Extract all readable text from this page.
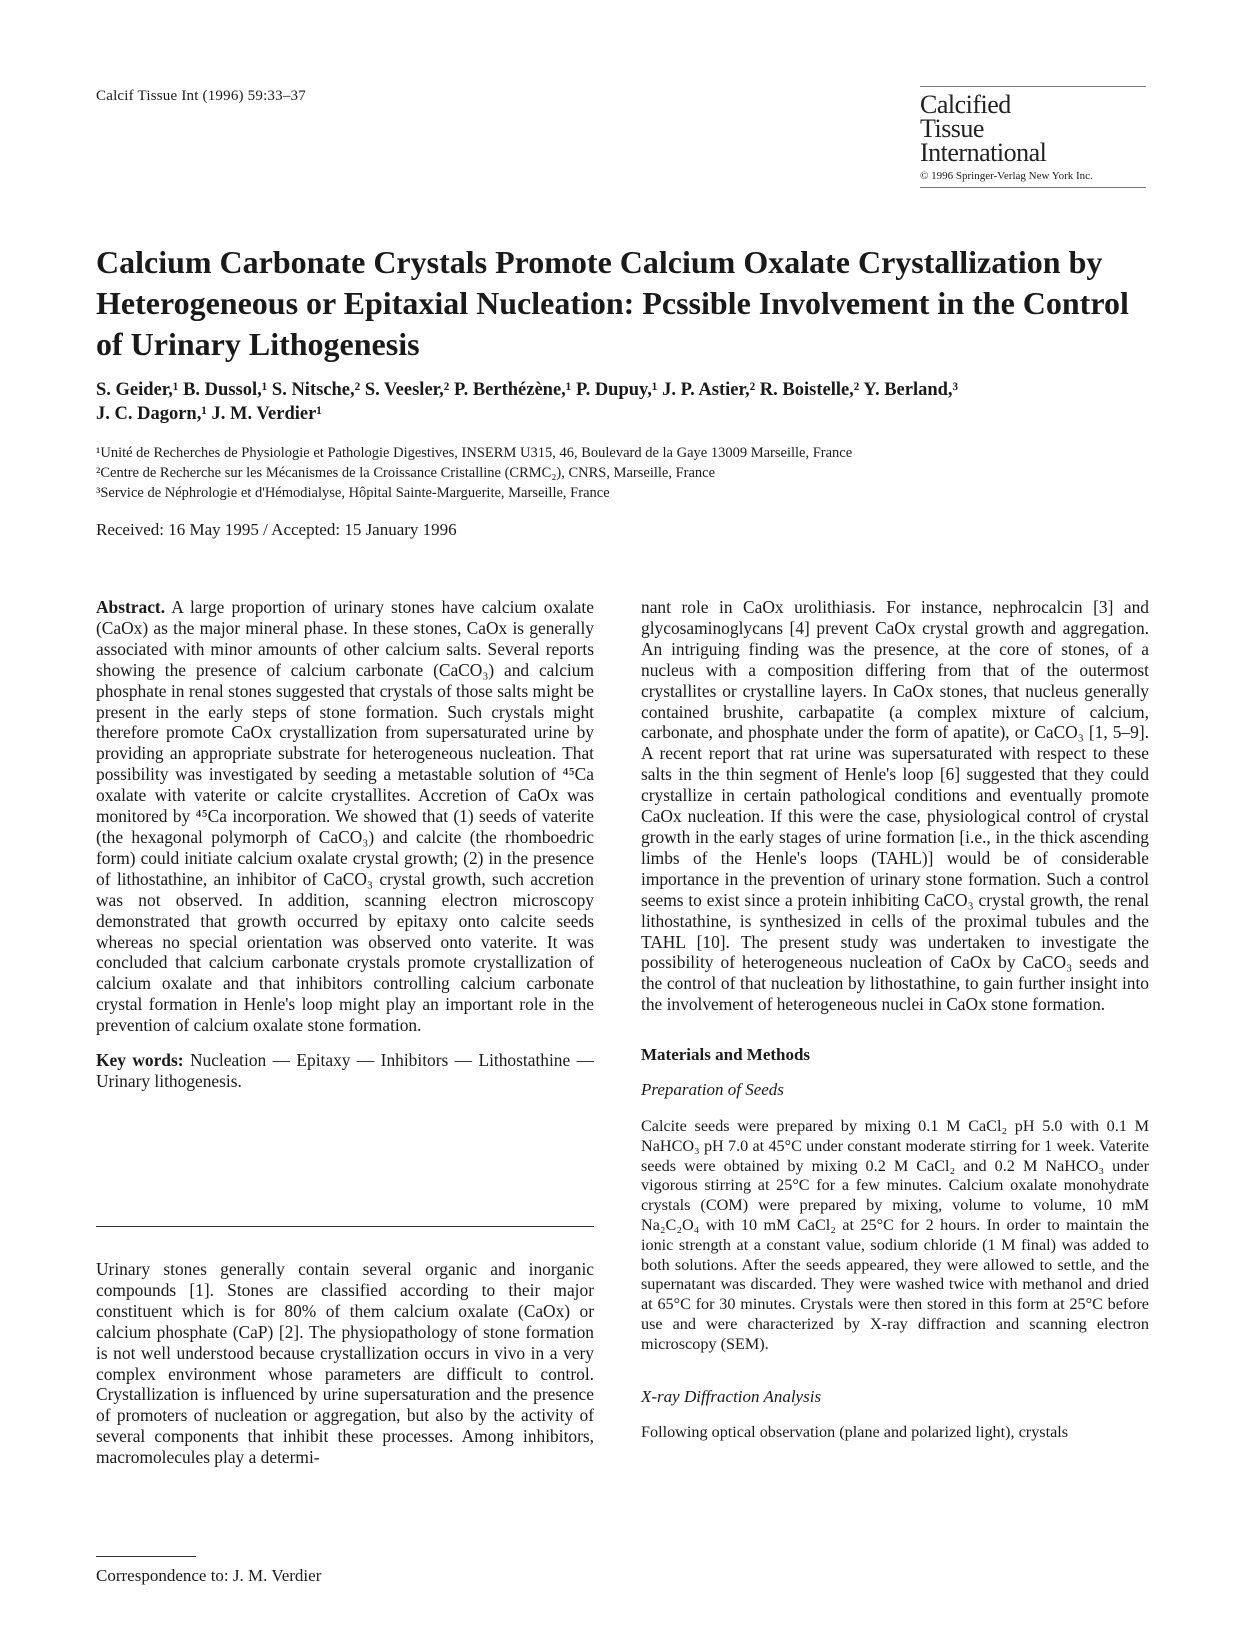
Calcif Tissue Int (1996) 59:33–37	Calcified
Tissue
International
© 1996 Springer-Verlag New York Inc.
Calcium Carbonate Crystals Promote Calcium Oxalate Crystallization by Heterogeneous or Epitaxial Nucleation: Pcssible Involvement in the Control of Urinary Lithogenesis
S. Geider,¹ B. Dussol,¹ S. Nitsche,² S. Veesler,² P. Berthézène,¹ P. Dupuy,¹ J. P. Astier,² R. Boistelle,² Y. Berland,³
J. C. Dagorn,¹ J. M. Verdier¹
¹Unité de Recherches de Physiologie et Pathologie Digestives, INSERM U315, 46, Boulevard de la Gaye 13009 Marseille, France
²Centre de Recherche sur les Mécanismes de la Croissance Cristalline (CRMC₂), CNRS, Marseille, France
³Service de Néphrologie et d'Hémodialyse, Hôpital Sainte-Marguerite, Marseille, France
Received: 16 May 1995 / Accepted: 15 January 1996

Abstract. A large proportion of urinary stones have calcium oxalate (CaOx) as the major mineral phase. In these stones, CaOx is generally associated with minor amounts of other calcium salts. Several reports showing the presence of calcium carbonate (CaCO₃) and calcium phosphate in renal stones suggested that crystals of those salts might be present in the early steps of stone formation. Such crystals might therefore promote CaOx crystallization from supersaturated urine by providing an appropriate substrate for heterogeneous nucleation. That possibility was investigated by seeding a metastable solution of ⁴⁵Ca oxalate with vaterite or calcite crystallites. Accretion of CaOx was monitored by ⁴⁵Ca incorporation. We showed that (1) seeds of vaterite (the hexagonal polymorph of CaCO₃) and calcite (the rhomboedric form) could initiate calcium oxalate crystal growth; (2) in the presence of lithostathine, an inhibitor of CaCO₃ crystal growth, such accretion was not observed. In addition, scanning electron microscopy demonstrated that growth occurred by epitaxy onto calcite seeds whereas no special orientation was observed onto vaterite. It was concluded that calcium carbonate crystals promote crystallization of calcium oxalate and that inhibitors controlling calcium carbonate crystal formation in Henle's loop might play an important role in the prevention of calcium oxalate stone formation.

Key words: Nucleation — Epitaxy — Inhibitors — Lithostathine — Urinary lithogenesis.

Urinary stones generally contain several organic and inorganic compounds [1]. Stones are classified according to their major constituent which is for 80% of them calcium oxalate (CaOx) or calcium phosphate (CaP) [2]. The physiopathology of stone formation is not well understood because crystallization occurs in vivo in a very complex environment whose parameters are difficult to control. Crystallization is influenced by urine supersaturation and the presence of promoters of nucleation or aggregation, but also by the activity of several components that inhibit these processes. Among inhibitors, macromolecules play a determi-

Correspondence to: J. M. Verdier

nant role in CaOx urolithiasis. For instance, nephrocalcin [3] and glycosaminoglycans [4] prevent CaOx crystal growth and aggregation. An intriguing finding was the presence, at the core of stones, of a nucleus with a composition differing from that of the outermost crystallites or crystalline layers. In CaOx stones, that nucleus generally contained brushite, carbapatite (a complex mixture of calcium, carbonate, and phosphate under the form of apatite), or CaCO₃ [1, 5–9]. A recent report that rat urine was supersaturated with respect to these salts in the thin segment of Henle's loop [6] suggested that they could crystallize in certain pathological conditions and eventually promote CaOx nucleation. If this were the case, physiological control of crystal growth in the early stages of urine formation [i.e., in the thick ascending limbs of the Henle's loops (TAHL)] would be of considerable importance in the prevention of urinary stone formation. Such a control seems to exist since a protein inhibiting CaCO₃ crystal growth, the renal lithostathine, is synthesized in cells of the proximal tubules and the TAHL [10]. The present study was undertaken to investigate the possibility of heterogeneous nucleation of CaOx by CaCO₃ seeds and the control of that nucleation by lithostathine, to gain further insight into the involvement of heterogeneous nuclei in CaOx stone formation.

Materials and Methods

Preparation of Seeds

Calcite seeds were prepared by mixing 0.1 M CaCl₂ pH 5.0 with 0.1 M NaHCO₃ pH 7.0 at 45°C under constant moderate stirring for 1 week. Vaterite seeds were obtained by mixing 0.2 M CaCl₂ and 0.2 M NaHCO₃ under vigorous stirring at 25°C for a few minutes. Calcium oxalate monohydrate crystals (COM) were prepared by mixing, volume to volume, 10 mM Na₂C₂O₄ with 10 mM CaCl₂ at 25°C for 2 hours. In order to maintain the ionic strength at a constant value, sodium chloride (1 M final) was added to both solutions. After the seeds appeared, they were allowed to settle, and the supernatant was discarded. They were washed twice with methanol and dried at 65°C for 30 minutes. Crystals were then stored in this form at 25°C before use and were characterized by X-ray diffraction and scanning electron microscopy (SEM).

X-ray Diffraction Analysis

Following optical observation (plane and polarized light), crystals
